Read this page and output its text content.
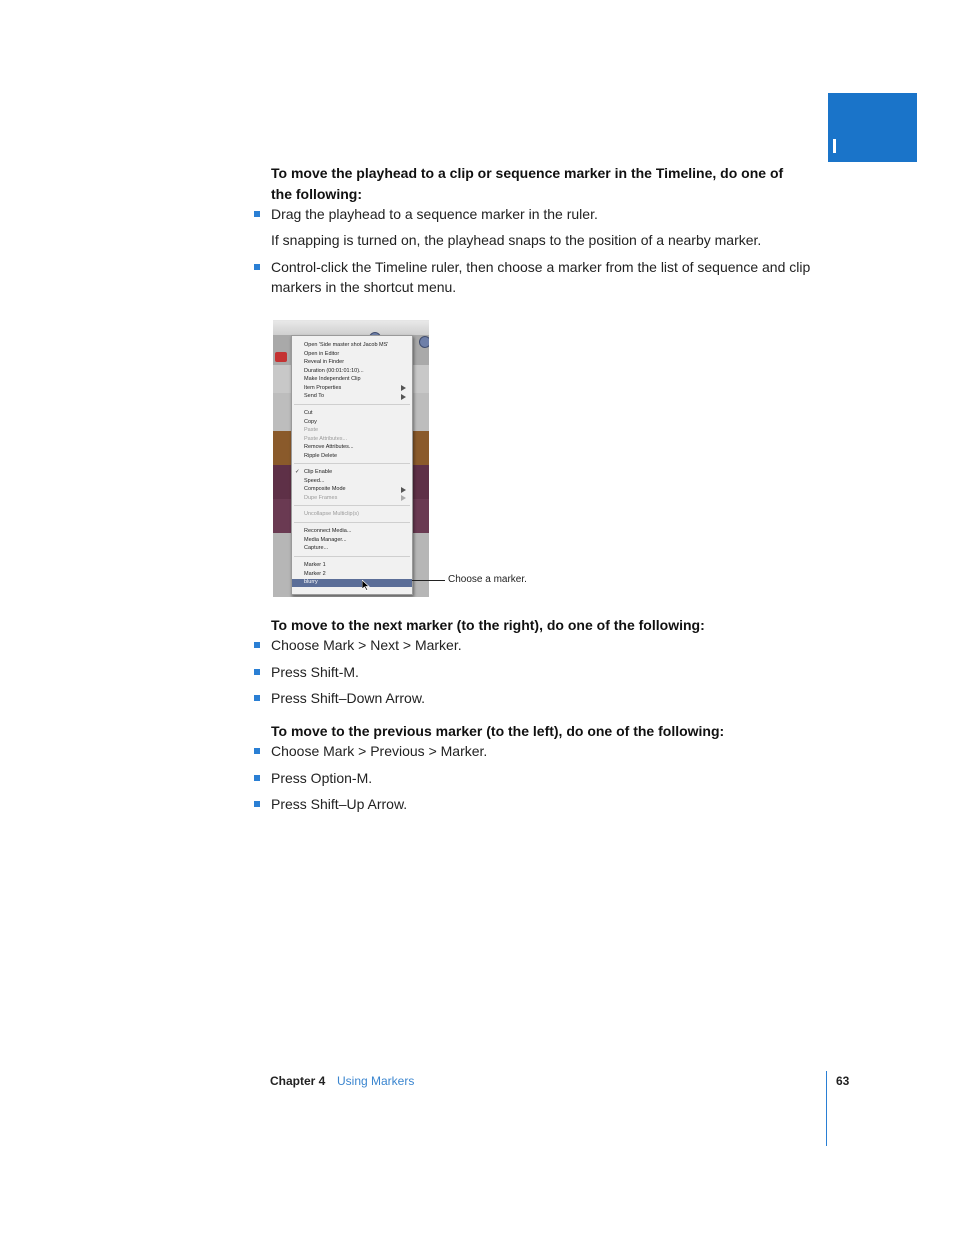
To move the playhead to a clip or sequence marker in the Timeline, do one of
the following:
Drag the playhead to a sequence marker in the ruler.
If snapping is turned on, the playhead snaps to the position of a nearby marker.
Control-click the Timeline ruler, then choose a marker from the list of sequence and clip
markers in the shortcut menu.
Open 'Side master shot Jacob MS'
Open in Editor
Reveal in Finder
Duration (00:01:01:10)...
Make Independent Clip
Item Properties
Send To
Cut
Copy
Paste
Paste Attributes...
Remove Attributes...
Ripple Delete
✓ Clip Enable
Speed...
Composite Mode
Dupe Frames
Uncollapse Multiclip(s)
Reconnect Media...
Media Manager...
Capture...
Marker 1
Marker 2
blurry	Choose a marker.
To move to the next marker (to the right), do one of the following:
Choose Mark > Next > Marker.
Press Shift-M.
Press Shift–Down Arrow.
To move to the previous marker (to the left), do one of the following:
Choose Mark > Previous > Marker.
Press Option-M.
Press Shift–Up Arrow.
Chapter 4 Using Markers	63
